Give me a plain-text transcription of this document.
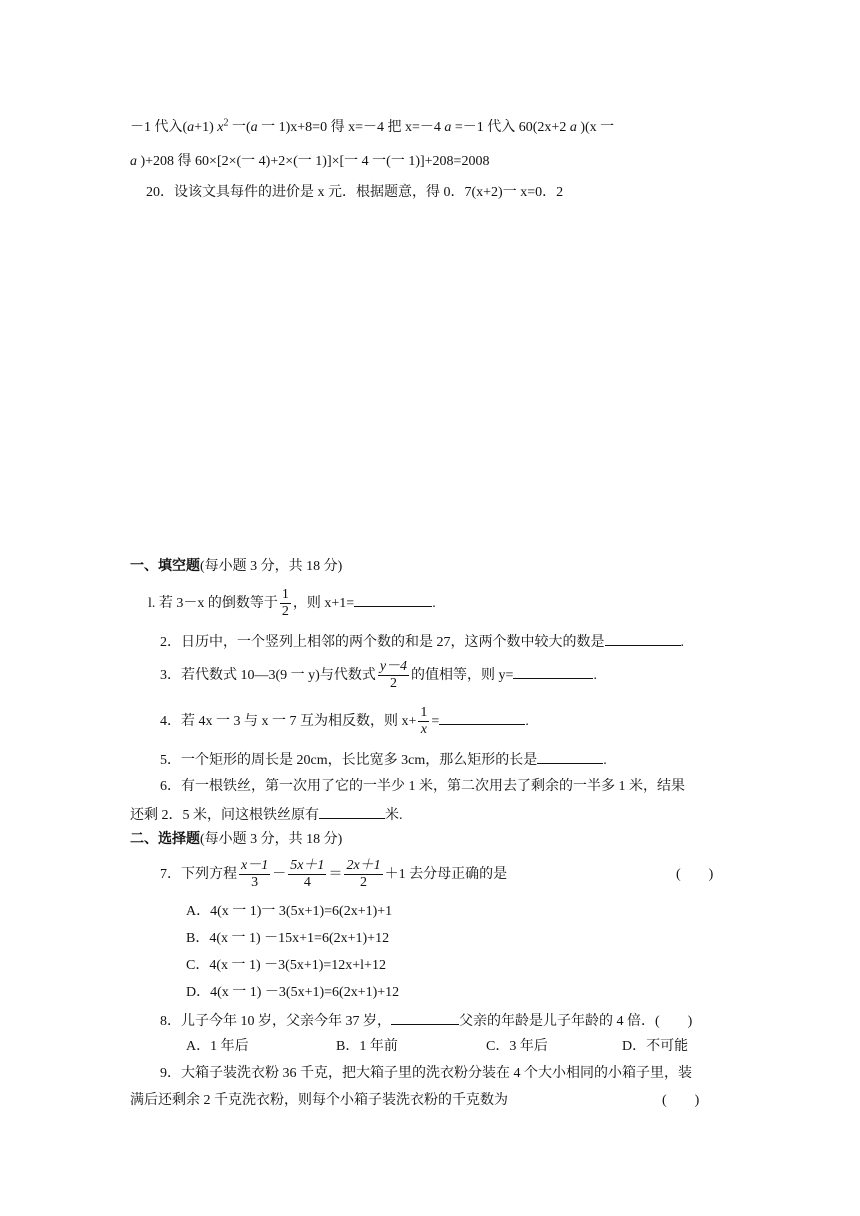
－1 代入(a+1) $x^2$ 一(a 一 1)x+8=0 得 x=－4 把 x=－4 a =－1 代入 60(2x+2 a )(x 一
a )+208 得 60×[2×(一 4)+2×(一 1)]×[一 4 一(一 1)]+208=2008
20．设该文具每件的进价是 x 元．根据题意，得 0．7(x+2)一 x=0．2
一、填空题(每小题 3 分，共 18 分)
l. 若 3－x 的倒数等于 $\frac{1}{2}$ ，则 x+1=	.
2．日历中，一个竖列上相邻的两个数的和是 27，这两个数中较大的数是	.
3．若代数式 10—3(9 一 y)与代数式 $\frac{y-4}{2}$ 的值相等，则 y=	.
4．若 4x 一 3 与 x 一 7 互为相反数，则 $x+ \frac{1}{x}$ =	.
5．一个矩形的周长是 20cm，长比宽多 3cm，那么矩形的长是	.
6．有一根铁丝，第一次用了它的一半少 1 米，第二次用去了剩余的一半多 1 米，结果
还剩 2．5 米，问这根铁丝原有	米.
二、选择题(每小题 3 分，共 18 分)
7．下列方程 $\frac{x-1}{3} - \frac{5x+1}{4} = \frac{2x+1}{2} +1$ 去分母正确的是	(　　)
A．4(x 一 1)一 3(5x+1)=6(2x+1)+1
B．4(x 一 1) －15x+1=6(2x+1)+12
C．4(x 一 1) －3(5x+1)=12x+l+12
D．4(x 一 1) －3(5x+1)=6(2x+1)+12
8．儿子今年 10 岁，父亲今年 37 岁，	父亲的年龄是儿子年龄的 4 倍．(　　)
A．1 年后	B．1 年前	C．3 年后	D．不可能
9．大箱子装洗衣粉 36 千克，把大箱子里的洗衣粉分装在 4 个大小相同的小箱子里，装
满后还剩余 2 千克洗衣粉，则每个小箱子装洗衣粉的千克数为	(　　)
